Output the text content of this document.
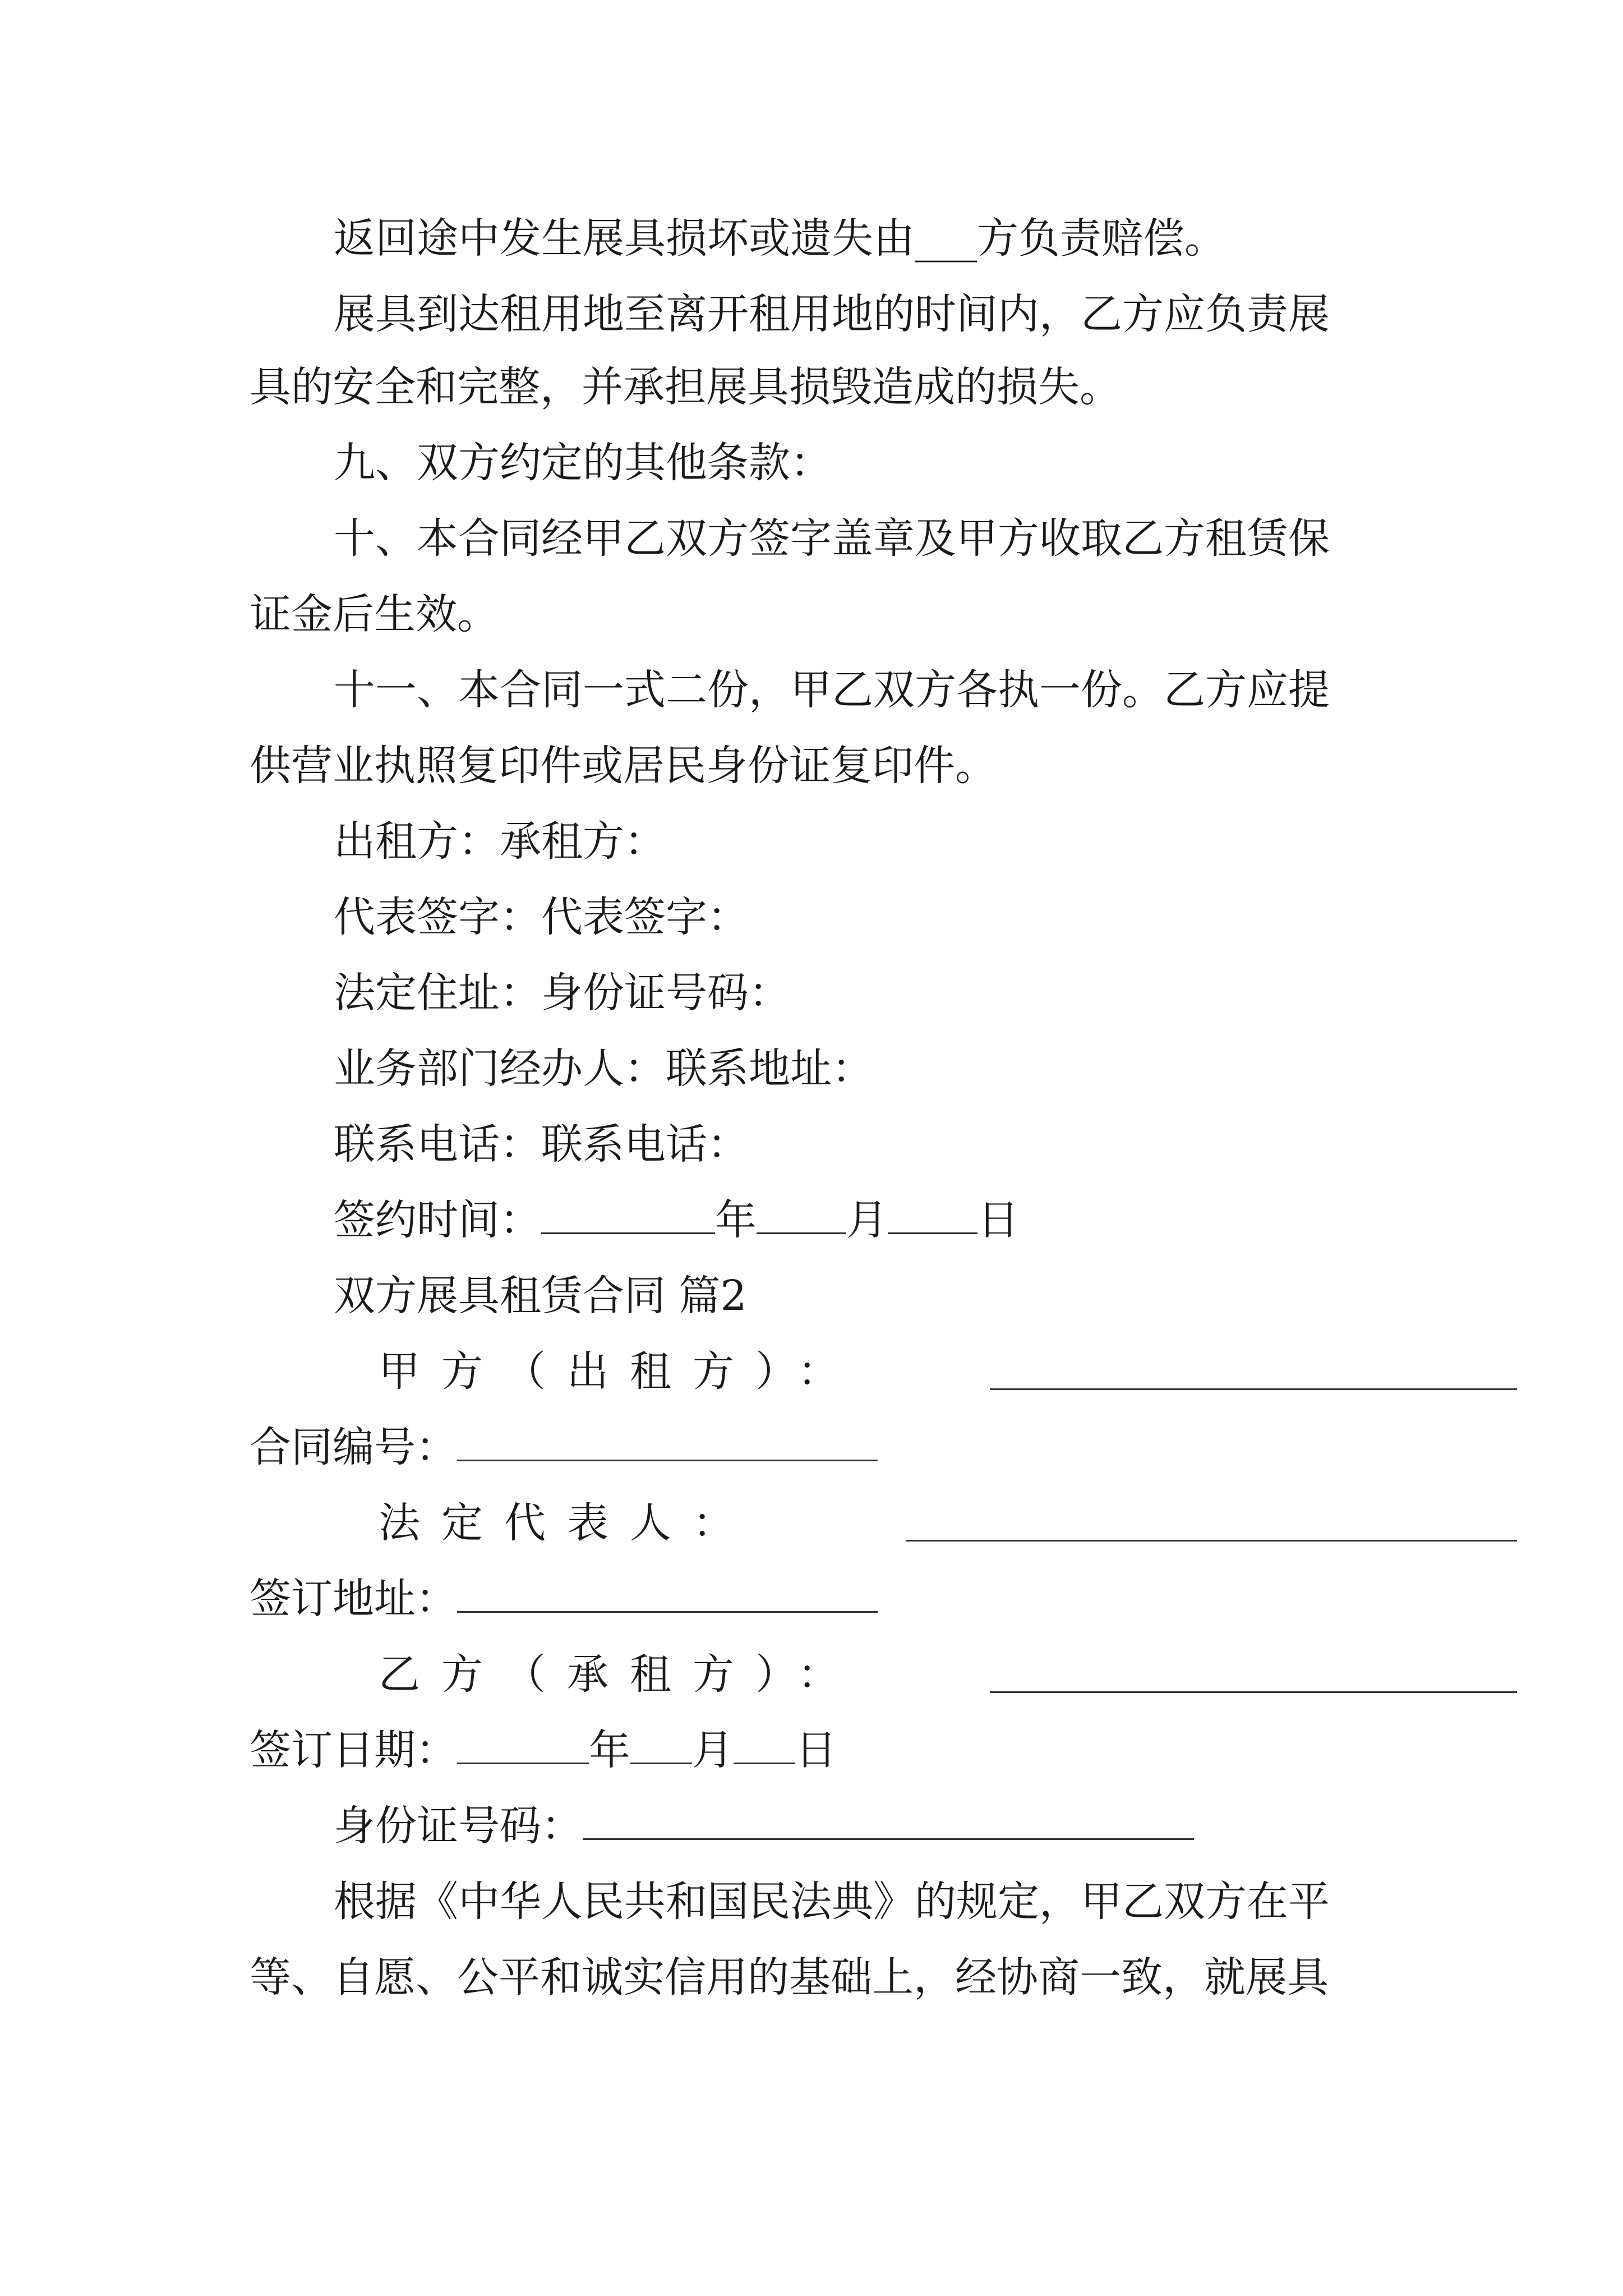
返回途中发生展具损坏或遗失由___方负责赔偿。
展具到达租用地至离开租用地的时间内，乙方应负责展
具的安全和完整，并承担展具损毁造成的损失。
九、双方约定的其他条款：
十、本合同经甲乙双方签字盖章及甲方收取乙方租赁保
证金后生效。
十一、本合同一式二份，甲乙双方各执一份。乙方应提
供营业执照复印件或居民身份证复印件。
出租方：承租方：
代表签字：代表签字：
法定住址：身份证号码：
业务部门经办人：联系地址：
联系电话：联系电话：
签约时间：	年 月 日
双方展具租赁合同 篇2
甲方（出租方）：
合同编号：
法定代表人：
签订地址：
乙方（承租方）：
签订日期：	年 月 日
身份证号码：
根据《中华人民共和国民法典》的规定，甲乙双方在平
等、自愿、公平和诚实信用的基础上，经协商一致，就展具
